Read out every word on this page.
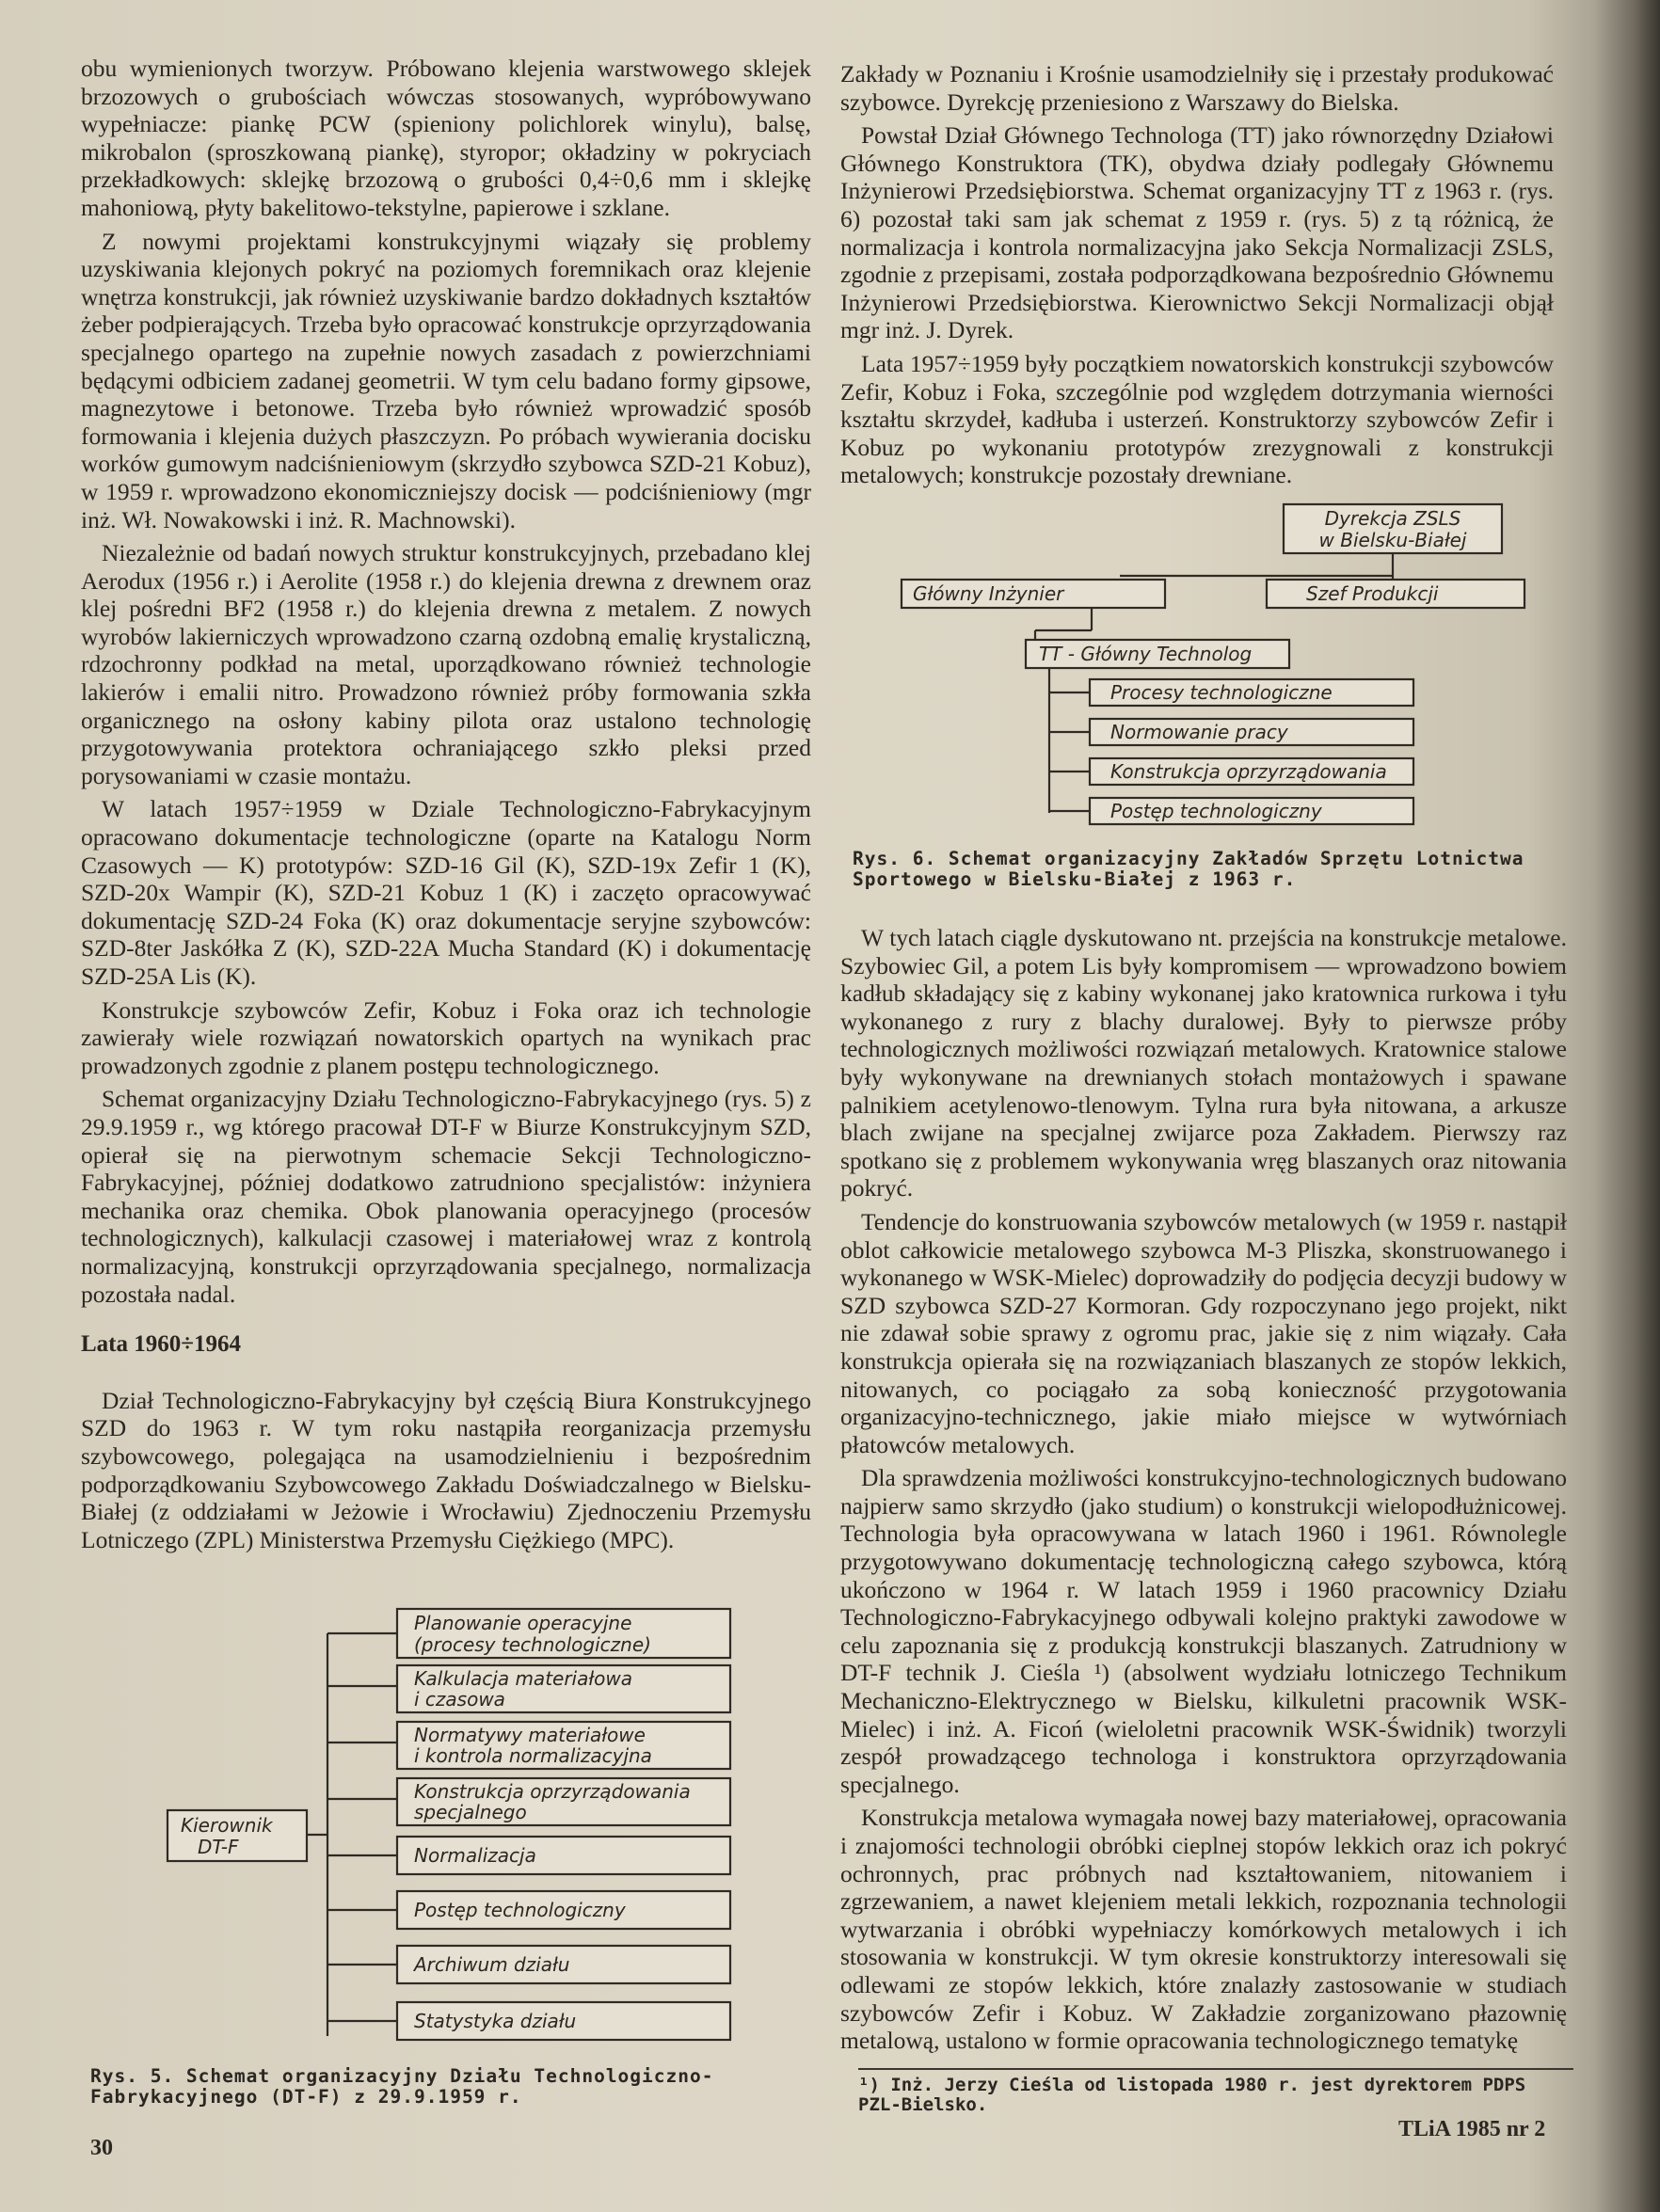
obu wymienionych tworzyw. Próbowano klejenia warstwowego sklejek brzozowych o grubościach wówczas stosowanych, wypróbowywano wypełniacze: piankę PCW (spieniony polichlorek winylu), balsę, mikrobalon (sproszkowaną piankę), styropor; okładziny w pokryciach przekładkowych: sklejkę brzozową o grubości 0,4÷0,6 mm i sklejkę mahoniową, płyty bakelitowo-tekstylne, papierowe i szklane.

Z nowymi projektami konstrukcyjnymi wiązały się problemy uzyskiwania klejonych pokryć na poziomych foremnikach oraz klejenie wnętrza konstrukcji, jak również uzyskiwanie bardzo dokładnych kształtów żeber podpierających. Trzeba było opracować konstrukcje oprzyrządowania specjalnego opartego na zupełnie nowych zasadach z powierzchniami będącymi odbiciem zadanej geometrii. W tym celu badano formy gipsowe, magnezytowe i betonowe. Trzeba było również wprowadzić sposób formowania i klejenia dużych płaszczyzn. Po próbach wywierania docisku worków gumowym nadciśnieniowym (skrzydło szybowca SZD-21 Kobuz), w 1959 r. wprowadzono ekonomiczniejszy docisk — podciśnieniowy (mgr inż. Wł. Nowakowski i inż. R. Machnowski).

Niezależnie od badań nowych struktur konstrukcyjnych, przebadano klej Aerodux (1956 r.) i Aerolite (1958 r.) do klejenia drewna z drewnem oraz klej pośredni BF2 (1958 r.) do klejenia drewna z metalem. Z nowych wyrobów lakierniczych wprowadzono czarną ozdobną emalię krystaliczną, rdzochronny podkład na metal, uporządkowano również technologie lakierów i emalii nitro. Prowadzono również próby formowania szkła organicznego na osłony kabiny pilota oraz ustalono technologię przygotowywania protektora ochraniającego szkło pleksi przed porysowaniami w czasie montażu.

W latach 1957÷1959 w Dziale Technologiczno-Fabrykacyjnym opracowano dokumentacje technologiczne (oparte na Katalogu Norm Czasowych — K) prototypów: SZD-16 Gil (K), SZD-19x Zefir 1 (K), SZD-20x Wampir (K), SZD-21 Kobuz 1 (K) i zaczęto opracowywać dokumentację SZD-24 Foka (K) oraz dokumentacje seryjne szybowców: SZD-8ter Jaskółka Z (K), SZD-22A Mucha Standard (K) i dokumentację SZD-25A Lis (K).

Konstrukcje szybowców Zefir, Kobuz i Foka oraz ich technologie zawierały wiele rozwiązań nowatorskich opartych na wynikach prac prowadzonych zgodnie z planem postępu technologicznego.

Schemat organizacyjny Działu Technologiczno-Fabrykacyjnego (rys. 5) z 29.9.1959 r., wg którego pracował DT-F w Biurze Konstrukcyjnym SZD, opierał się na pierwotnym schemacie Sekcji Technologiczno-Fabrykacyjnej, później dodatkowo zatrudniono specjalistów: inżyniera mechanika oraz chemika. Obok planowania operacyjnego (procesów technologicznych), kalkulacji czasowej i materiałowej wraz z kontrolą normalizacyjną, konstrukcji oprzyrządowania specjalnego, normalizacja pozostała nadal.

Lata 1960÷1964

Dział Technologiczno-Fabrykacyjny był częścią Biura Konstrukcyjnego SZD do 1963 r. W tym roku nastąpiła reorganizacja przemysłu szybowcowego, polegająca na usamodzielnieniu i bezpośrednim podporządkowaniu Szybowcowego Zakładu Doświadczalnego w Bielsku-Białej (z oddziałami w Jeżowie i Wrocławiu) Zjednoczeniu Przemysłu Lotniczego (ZPL) Ministerstwa Przemysłu Ciężkiego (MPC).

Zakłady w Poznaniu i Krośnie usamodzielniły się i przestały produkować szybowce. Dyrekcję przeniesiono z Warszawy do Bielska.

Powstał Dział Głównego Technologa (TT) jako równorzędny Działowi Głównego Konstruktora (TK), obydwa działy podlegały Głównemu Inżynierowi Przedsiębiorstwa. Schemat organizacyjny TT z 1963 r. (rys. 6) pozostał taki sam jak schemat z 1959 r. (rys. 5) z tą różnicą, że normalizacja i kontrola normalizacyjna jako Sekcja Normalizacji ZSLS, zgodnie z przepisami, została podporządkowana bezpośrednio Głównemu Inżynierowi Przedsiębiorstwa. Kierownictwo Sekcji Normalizacji objął mgr inż. J. Dyrek.

Lata 1957÷1959 były początkiem nowatorskich konstrukcji szybowców Zefir, Kobuz i Foka, szczególnie pod względem dotrzymania wierności kształtu skrzydeł, kadłuba i usterzeń. Konstruktorzy szybowców Zefir i Kobuz po wykonaniu prototypów zrezygnowali z konstrukcji metalowych; konstrukcje pozostały drewniane.

Dyrekcja ZSLS
w Bielsku-Białej
Główny Inżynier	Szef Produkcji
TT - Główny Technolog
Procesy technologiczne
Normowanie pracy
Konstrukcja oprzyrządowania
Postęp technologiczny
Rys. 6. Schemat organizacyjny Zakładów Sprzętu Lotnictwa Sportowego w Bielsku-Białej z 1963 r.

W tych latach ciągle dyskutowano nt. przejścia na konstrukcje metalowe. Szybowiec Gil, a potem Lis były kompromisem — wprowadzono bowiem kadłub składający się z kabiny wykonanej jako kratownica rurkowa i tyłu wykonanego z rury z blachy duralowej. Były to pierwsze próby technologicznych możliwości rozwiązań metalowych. Kratownice stalowe były wykonywane na drewnianych stołach montażowych i spawane palnikiem acetylenowo-tlenowym. Tylna rura była nitowana, a arkusze blach zwijane na specjalnej zwijarce poza Zakładem. Pierwszy raz spotkano się z problemem wykonywania wręg blaszanych oraz nitowania pokryć.

Tendencje do konstruowania szybowców metalowych (w 1959 r. nastąpił oblot całkowicie metalowego szybowca M-3 Pliszka, skonstruowanego i wykonanego w WSK-Mielec) doprowadziły do podjęcia decyzji budowy w SZD szybowca SZD-27 Kormoran. Gdy rozpoczynano jego projekt, nikt nie zdawał sobie sprawy z ogromu prac, jakie się z nim wiązały. Cała konstrukcja opierała się na rozwiązaniach blaszanych ze stopów lekkich, nitowanych, co pociągało za sobą konieczność przygotowania organizacyjno-technicznego, jakie miało miejsce w wytwórniach płatowców metalowych.

Dla sprawdzenia możliwości konstrukcyjno-technologicznych budowano najpierw samo skrzydło (jako studium) o konstrukcji wielopodłużnicowej. Technologia była opracowywana w latach 1960 i 1961. Równolegle przygotowywano dokumentację technologiczną całego szybowca, którą ukończono w 1964 r. W latach 1959 i 1960 pracownicy Działu Technologiczno-Fabrykacyjnego odbywali kolejno praktyki zawodowe w celu zapoznania się z produkcją konstrukcji blaszanych. Zatrudniony w DT-F technik J. Cieśla ¹) (absolwent wydziału lotniczego Technikum Mechaniczno-Elektrycznego w Bielsku, kilkuletni pracownik WSK-Mielec) i inż. A. Ficoń (wieloletni pracownik WSK-Świdnik) tworzyli zespół prowadzącego technologa i konstruktora oprzyrządowania specjalnego.

Konstrukcja metalowa wymagała nowej bazy materiałowej, opracowania i znajomości technologii obróbki cieplnej stopów lekkich oraz ich pokryć ochronnych, prac próbnych nad kształtowaniem, nitowaniem i zgrzewaniem, a nawet klejeniem metali lekkich, rozpoznania technologii wytwarzania i obróbki wypełniaczy komórkowych metalowych i ich stosowania w konstrukcji. W tym okresie konstruktorzy interesowali się odlewami ze stopów lekkich, które znalazły zastosowanie w studiach szybowców Zefir i Kobuz. W Zakładzie zorganizowano płazownię metalową, ustalono w formie opracowania technologicznego tematykę

Kierownik
DT-F
Planowanie operacyjne
(procesy technologiczne)
Kalkulacja materiałowa
i czasowa
Normatywy materiałowe
i kontrola normalizacyjna
Konstrukcja oprzyrządowania
specjalnego
Normalizacja
Postęp technologiczny
Archiwum działu
Statystyka działu
Rys. 5. Schemat organizacyjny Działu Technologiczno-Fabrykacyjnego (DT-F) z 29.9.1959 r.
¹) Inż. Jerzy Cieśla od listopada 1980 r. jest dyrektorem PDPS PZL-Bielsko.
30
TLiA 1985 nr 2
